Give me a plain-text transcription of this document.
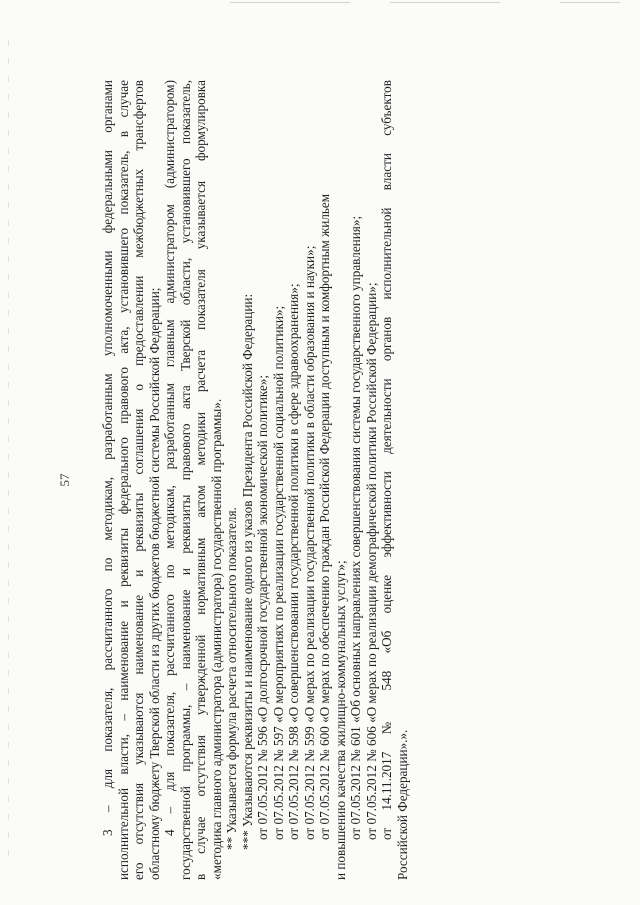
57 3 – для показателя, рассчитанного по методикам, разработанным уполномоченными федеральными органами исполнительной власти, – наименование и реквизиты федерального правового акта, установившего показатель, в случае его отсутствия указываются наименование и реквизиты соглашения о предоставлении межбюджетных трансфертов областному бюджету Тверской области из других бюджетов бюджетной системы Российской Федерации; 4 – для показателя, рассчитанного по методикам, разработанным главным администратором (администратором) государственной программы, – наименование и реквизиты правового акта Тверской области, установившего показатель, в случае отсутствия утвержденной нормативным актом методики расчета показателя указывается формулировка «методика главного администратора (администратора) государственной программы». ** Указывается формула расчета относительного показателя. *** Указываются реквизиты и наименование одного из указов Президента Российской Федерации: от 07.05.2012 № 596 «О долгосрочной государственной экономической политике»; от 07.05.2012 № 597 «О мероприятиях по реализации государственной социальной политики»; от 07.05.2012 № 598 «О совершенствовании государственной политики в сфере здравоохранения»; от 07.05.2012 № 599 «О мерах по реализации государственной политики в области образования и науки»; от 07.05.2012 № 600 «О мерах по обеспечению граждан Российской Федерации доступным и комфортным жильем и повышению качества жилищно-коммунальных услуг»; от 07.05.2012 № 601 «Об основных направлениях совершенствования системы государственного управления»; от 07.05.2012 № 606 «О мерах по реализации демографической политики Российской Федерации»; от 14.11.2017 № 548 «Об оценке эффективности деятельности органов исполнительной власти субъектов Российской Федерации».».
